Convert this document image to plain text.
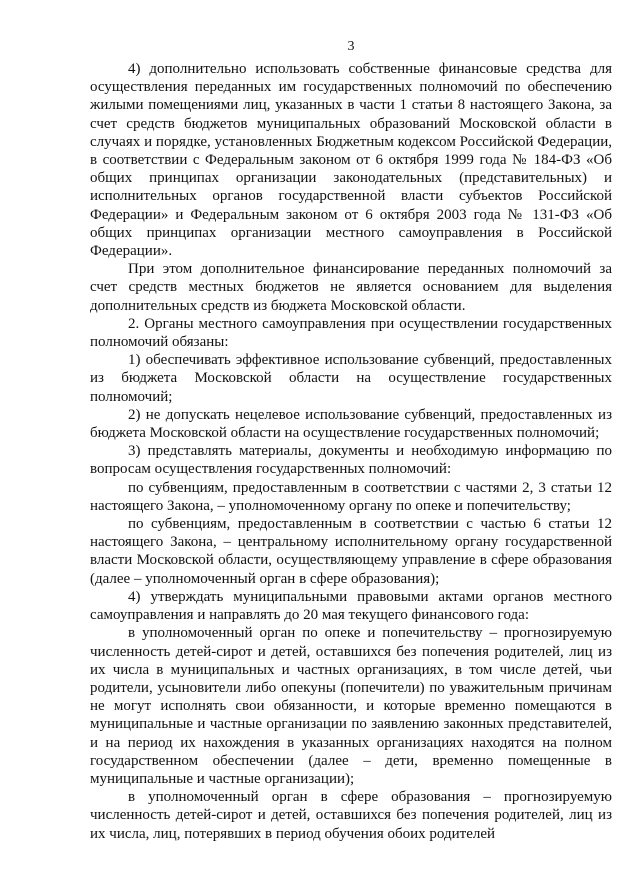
3

4) дополнительно использовать собственные финансовые средства для осуществления переданных им государственных полномочий по обеспечению жилыми помещениями лиц, указанных в части 1 статьи 8 настоящего Закона, за счет средств бюджетов муниципальных образований Московской области в случаях и порядке, установленных Бюджетным кодексом Российской Федерации, в соответствии с Федеральным законом от 6 октября 1999 года № 184-ФЗ «Об общих принципах организации законодательных (представительных) и исполнительных органов государственной власти субъектов Российской Федерации» и Федеральным законом от 6 октября 2003 года № 131-ФЗ «Об общих принципах организации местного самоуправления в Российской Федерации».

При этом дополнительное финансирование переданных полномочий за счет средств местных бюджетов не является основанием для выделения дополнительных средств из бюджета Московской области.

2. Органы местного самоуправления при осуществлении государственных полномочий обязаны:

1) обеспечивать эффективное использование субвенций, предоставленных из бюджета Московской области на осуществление государственных полномочий;

2) не допускать нецелевое использование субвенций, предоставленных из бюджета Московской области на осуществление государственных полномочий;

3) представлять материалы, документы и необходимую информацию по вопросам осуществления государственных полномочий:

по субвенциям, предоставленным в соответствии с частями 2, 3 статьи 12 настоящего Закона, – уполномоченному органу по опеке и попечительству;

по субвенциям, предоставленным в соответствии с частью 6 статьи 12 настоящего Закона, – центральному исполнительному органу государственной власти Московской области, осуществляющему управление в сфере образования (далее – уполномоченный орган в сфере образования);

4) утверждать муниципальными правовыми актами органов местного самоуправления и направлять до 20 мая текущего финансового года:

в уполномоченный орган по опеке и попечительству – прогнозируемую численность детей-сирот и детей, оставшихся без попечения родителей, лиц из их числа в муниципальных и частных организациях, в том числе детей, чьи родители, усыновители либо опекуны (попечители) по уважительным причинам не могут исполнять свои обязанности, и которые временно помещаются в муниципальные и частные организации по заявлению законных представителей, и на период их нахождения в указанных организациях находятся на полном государственном обеспечении (далее – дети, временно помещенные в муниципальные и частные организации);

в уполномоченный орган в сфере образования – прогнозируемую численность детей-сирот и детей, оставшихся без попечения родителей, лиц из их числа, лиц, потерявших в период обучения обоих родителей
